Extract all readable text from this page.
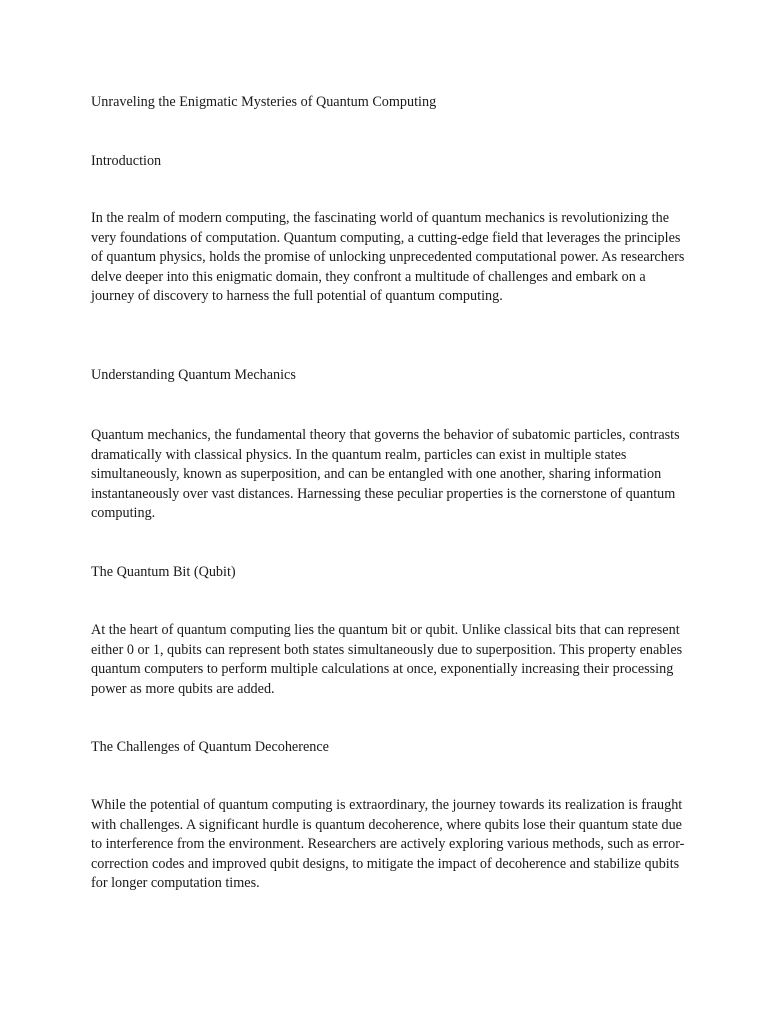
Unraveling the Enigmatic Mysteries of Quantum Computing

Introduction

In the realm of modern computing, the fascinating world of quantum mechanics is revolutionizing the very foundations of computation. Quantum computing, a cutting-edge field that leverages the principles of quantum physics, holds the promise of unlocking unprecedented computational power. As researchers delve deeper into this enigmatic domain, they confront a multitude of challenges and embark on a journey of discovery to harness the full potential of quantum computing.

Understanding Quantum Mechanics

Quantum mechanics, the fundamental theory that governs the behavior of subatomic particles, contrasts dramatically with classical physics. In the quantum realm, particles can exist in multiple states simultaneously, known as superposition, and can be entangled with one another, sharing information instantaneously over vast distances. Harnessing these peculiar properties is the cornerstone of quantum computing.

The Quantum Bit (Qubit)

At the heart of quantum computing lies the quantum bit or qubit. Unlike classical bits that can represent either 0 or 1, qubits can represent both states simultaneously due to superposition. This property enables quantum computers to perform multiple calculations at once, exponentially increasing their processing power as more qubits are added.

The Challenges of Quantum Decoherence

While the potential of quantum computing is extraordinary, the journey towards its realization is fraught with challenges. A significant hurdle is quantum decoherence, where qubits lose their quantum state due to interference from the environment. Researchers are actively exploring various methods, such as error-correction codes and improved qubit designs, to mitigate the impact of decoherence and stabilize qubits for longer computation times.
